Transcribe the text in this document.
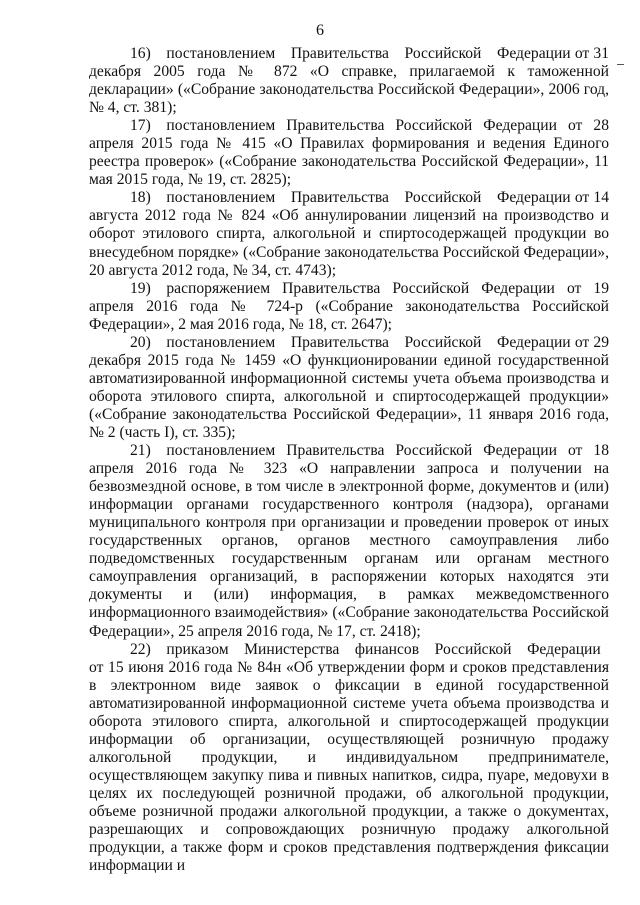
6

16) постановлением Правительства Российской Федерации от 31 декабря 2005 года № 872 «О справке, прилагаемой к таможенной декларации» («Собрание законодательства Российской Федерации», 2006 год, № 4, ст. 381);

17) постановлением Правительства Российской Федерации от 28 апреля 2015 года № 415 «О Правилах формирования и ведения Единого реестра проверок» («Собрание законодательства Российской Федерации», 11 мая 2015 года, № 19, ст. 2825);

18) постановлением Правительства Российской Федерации от 14 августа 2012 года № 824 «Об аннулировании лицензий на производство и оборот этилового спирта, алкогольной и спиртосодержащей продукции во внесудебном порядке» («Собрание законодательства Российской Федерации», 20 августа 2012 года, № 34, ст. 4743);

19) распоряжением Правительства Российской Федерации от 19 апреля 2016 года № 724-р («Собрание законодательства Российской Федерации», 2 мая 2016 года, № 18, ст. 2647);

20) постановлением Правительства Российской Федерации от 29 декабря 2015 года № 1459 «О функционировании единой государственной автоматизированной информационной системы учета объема производства и оборота этилового спирта, алкогольной и спиртосодержащей продукции» («Собрание законодательства Российской Федерации», 11 января 2016 года, № 2 (часть I), ст. 335);

21) постановлением Правительства Российской Федерации от 18 апреля 2016 года № 323 «О направлении запроса и получении на безвозмездной основе, в том числе в электронной форме, документов и (или) информации органами государственного контроля (надзора), органами муниципального контроля при организации и проведении проверок от иных государственных органов, органов местного самоуправления либо подведомственных государственным органам или органам местного самоуправления организаций, в распоряжении которых находятся эти документы и (или) информация, в рамках межведомственного информационного взаимодействия» («Собрание законодательства Российской Федерации», 25 апреля 2016 года, № 17, ст. 2418);

22) приказом Министерства финансов Российской Федерации от 15 июня 2016 года № 84н «Об утверждении форм и сроков представления в электронном виде заявок о фиксации в единой государственной автоматизированной информационной системе учета объема производства и оборота этилового спирта, алкогольной и спиртосодержащей продукции информации об организации, осуществляющей розничную продажу алкогольной продукции, и индивидуальном предпринимателе, осуществляющем закупку пива и пивных напитков, сидра, пуаре, медовухи в целях их последующей розничной продажи, об алкогольной продукции, объеме розничной продажи алкогольной продукции, а также о документах, разрешающих и сопровождающих розничную продажу алкогольной продукции, а также форм и сроков представления подтверждения фиксации информации и
